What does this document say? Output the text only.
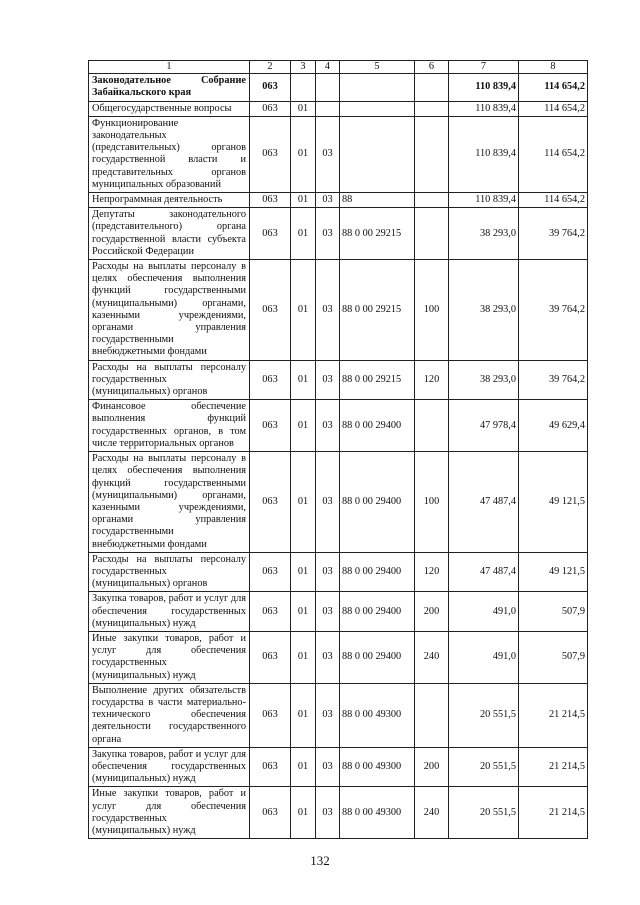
1	2	3	4	5	6	7	8
Законодательное Собрание Забайкальского края	063					110 839,4	114 654,2
Общегосударственные вопросы	063	01				110 839,4	114 654,2
Функционирование законодательных (представительных) органов государственной власти и представительных органов муниципальных образований	063	01	03			110 839,4	114 654,2
Непрограммная деятельность	063	01	03	88		110 839,4	114 654,2
Депутаты законодательного (представительного) органа государственной власти субъекта Российской Федерации	063	01	03	88 0 00 29215		38 293,0	39 764,2
Расходы на выплаты персоналу в целях обеспечения выполнения функций государственными (муниципальными) органами, казенными учреждениями, органами управления государственными внебюджетными фондами	063	01	03	88 0 00 29215	100	38 293,0	39 764,2
Расходы на выплаты персоналу государственных (муниципальных) органов	063	01	03	88 0 00 29215	120	38 293,0	39 764,2
Финансовое обеспечение выполнения функций государственных органов, в том числе территориальных органов	063	01	03	88 0 00 29400		47 978,4	49 629,4
Расходы на выплаты персоналу в целях обеспечения выполнения функций государственными (муниципальными) органами, казенными учреждениями, органами управления государственными внебюджетными фондами	063	01	03	88 0 00 29400	100	47 487,4	49 121,5
Расходы на выплаты персоналу государственных (муниципальных) органов	063	01	03	88 0 00 29400	120	47 487,4	49 121,5
Закупка товаров, работ и услуг для обеспечения государственных (муниципальных) нужд	063	01	03	88 0 00 29400	200	491,0	507,9
Иные закупки товаров, работ и услуг для обеспечения государственных (муниципальных) нужд	063	01	03	88 0 00 29400	240	491,0	507,9
Выполнение других обязательств государства в части материально-технического обеспечения деятельности государственного органа	063	01	03	88 0 00 49300		20 551,5	21 214,5
Закупка товаров, работ и услуг для обеспечения государственных (муниципальных) нужд	063	01	03	88 0 00 49300	200	20 551,5	21 214,5
Иные закупки товаров, работ и услуг для обеспечения государственных (муниципальных) нужд	063	01	03	88 0 00 49300	240	20 551,5	21 214,5
132
